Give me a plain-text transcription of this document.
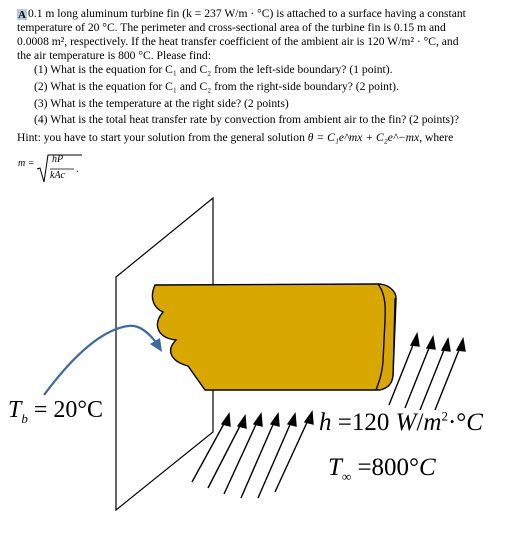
A 0.1 m long aluminum turbine fin (k = 237 W/m · °C) is attached to a surface having a constant
temperature of 20 °C. The perimeter and cross-sectional area of the turbine fin is 0.15 m and
0.0008 m², respectively. If the heat transfer coefficient of the ambient air is 120 W/m² · °C, and
the air temperature is 800 °C. Please find:
(1) What is the equation for C₁ and C₂ from the left-side boundary? (1 point).
(2) What is the equation for C₁ and C₂ from the right-side boundary? (2 point).
(3) What is the temperature at the right side? (2 points)
(4) What is the total heat transfer rate by convection from ambient air to the fin? (2 points)?
Hint: you have to start your solution from the general solution θ = C₁e^mx + C₂e^−mx, where
m = hP
kAc
.
$T_b = 20^\circ C$	h =120 $W/m^2\cdot^\circ C$
$T_\infty =800^\circ C$
